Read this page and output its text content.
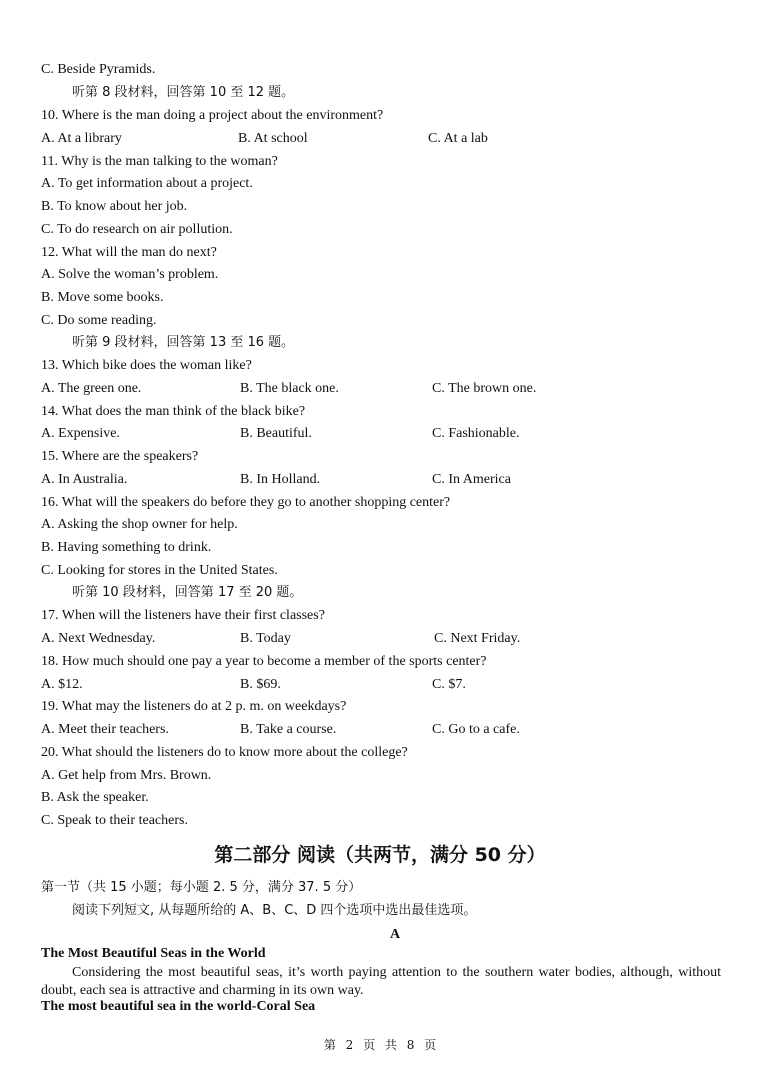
C. Beside Pyramids.
听第 8 段材料，回答第 10 至 12 题。
10. Where is the man doing a project about the environment?
A. At a library	B. At school	C. At a lab
11. Why is the man talking to the woman?
A. To get information about a project.
B. To know about her job.
C. To do research on air pollution.
12. What will the man do next?
A. Solve the woman’s problem.
B. Move some books.
C. Do some reading.
听第 9 段材料，回答第 13 至 16 题。
13. Which bike does the woman like?
A. The green one.	B. The black one.	C. The brown one.
14. What does the man think of the black bike?
A. Expensive.	B. Beautiful.	C. Fashionable.
15. Where are the speakers?
A. In Australia.	B. In Holland.	C. In America
16. What will the speakers do before they go to another shopping center?
A. Asking the shop owner for help.
B. Having something to drink.
C. Looking for stores in the United States.
听第 10 段材料，回答第 17 至 20 题。
17. When will the listeners have their first classes?
A. Next Wednesday.	B. Today	C. Next Friday.
18. How much should one pay a year to become a member of the sports center?
A. $12.	B. $69.	C. $7.
19. What may the listeners do at 2 p. m. on weekdays?
A. Meet their teachers.	B. Take a course.	C. Go to a cafe.
20. What should the listeners do to know more about the college?
A. Get help from Mrs. Brown.
B. Ask the speaker.
C. Speak to their teachers.
第二部分 阅读（共两节，满分 50 分）
第一节（共 15 小题；每小题 2. 5 分，满分 37. 5 分）
阅读下列短文, 从每题所给的 A、B、C、D 四个选项中选出最佳选项。
A
The Most Beautiful Seas in the World
Considering the most beautiful seas, it’s worth paying attention to the southern water bodies, although, without doubt, each sea is attractive and charming in its own way.
The most beautiful sea in the world-Coral Sea
第 2 页 共 8 页
